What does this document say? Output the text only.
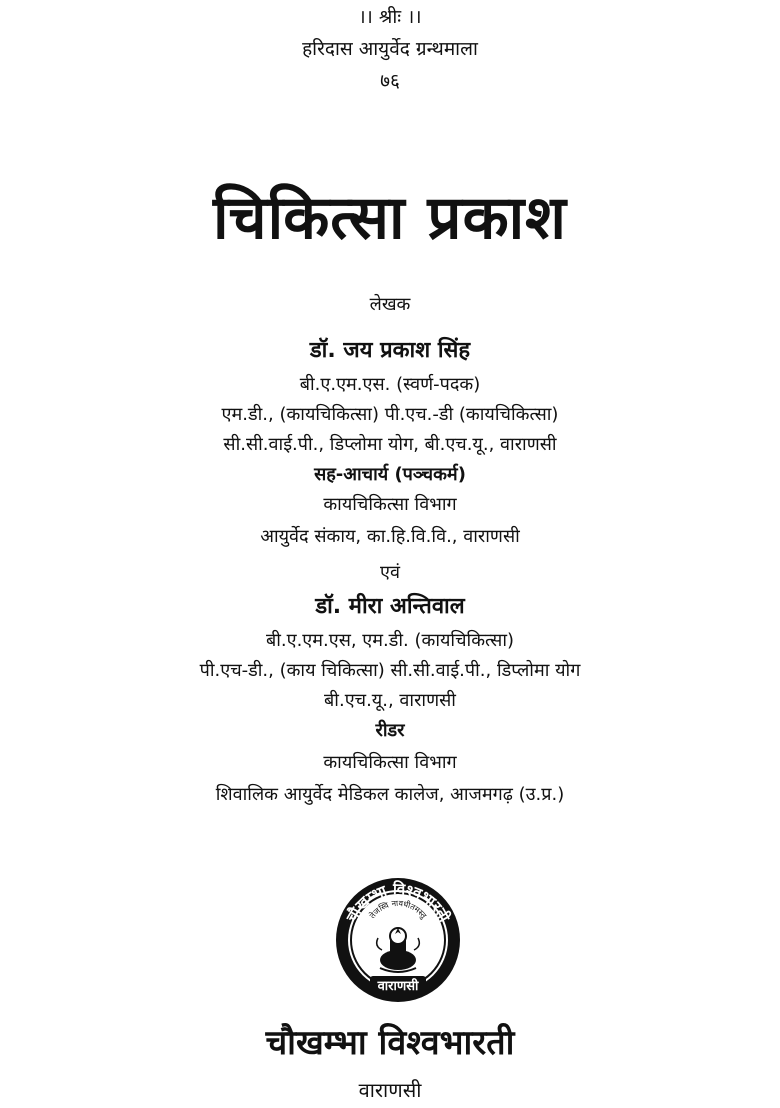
।। श्रीः ।।
हरिदास आयुर्वेद ग्रन्थमाला
७६
चिकित्सा प्रकाश
लेखक
डॉ. जय प्रकाश सिंह
बी.ए.एम.एस. (स्वर्ण-पदक)
एम.डी., (कायचिकित्सा) पी.एच.-डी (कायचिकित्सा)
सी.सी.वाई.पी., डिप्लोमा योग, बी.एच.यू., वाराणसी
सह-आचार्य (पञ्चकर्म)
कायचिकित्सा विभाग
आयुर्वेद संकाय, का.हि.वि.वि., वाराणसी
एवं
डॉ. मीरा अन्तिवाल
बी.ए.एम.एस, एम.डी. (कायचिकित्सा)
पी.एच-डी., (काय चिकित्सा) सी.सी.वाई.पी., डिप्लोमा योग
बी.एच.यू., वाराणसी
रीडर
कायचिकित्सा विभाग
शिवालिक आयुर्वेद मेडिकल कालेज, आजमगढ़ (उ.प्र.)
चौखम्भा विश्वभारती
वाराणसी
तेजस्वि नावधीतमस्तु
चौखम्भा विश्वभारती
वाराणसी
